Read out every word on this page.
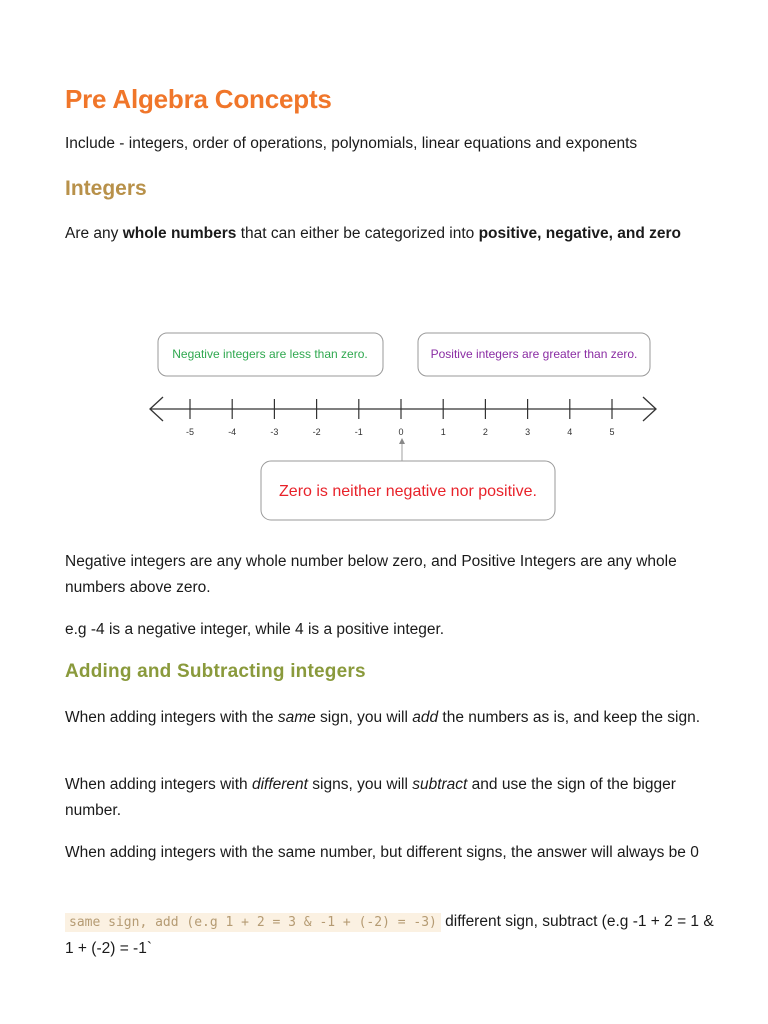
Pre Algebra Concepts

Include - integers, order of operations, polynomials, linear equations and exponents

Integers

Are any whole numbers that can either be categorized into positive, negative, and zero

Negative integers are any whole number below zero, and Positive Integers are any whole numbers above zero.

e.g -4 is a negative integer, while 4 is a positive integer.

Adding and Subtracting integers

When adding integers with the same sign, you will add the numbers as is, and keep the sign.

When adding integers with different signs, you will subtract and use the sign of the bigger number.

When adding integers with the same number, but different signs, the answer will always be 0

same sign, add (e.g 1 + 2 = 3 & -1 + (-2) = -3) different sign, subtract (e.g -1 + 2 = 1 & 1 + (-2) = -1`

Negative integers are less than zero.	Positive integers are greater than zero.
-5	-4	-3	-2	-1	0	1	2	3	4	5
Zero is neither negative nor positive.
